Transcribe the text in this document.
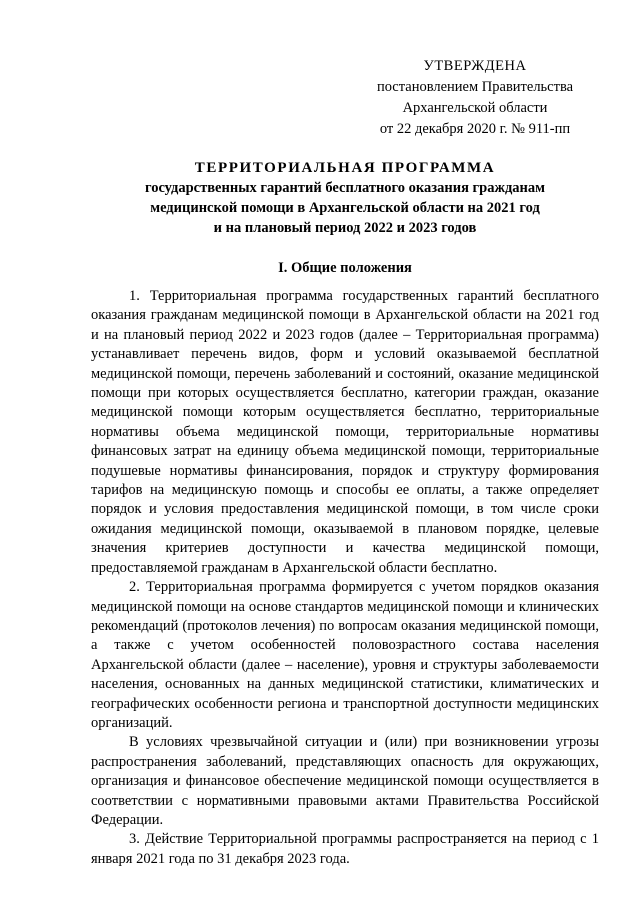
УТВЕРЖДЕНА
постановлением Правительства
Архангельской области
от 22 декабря 2020 г. № 911-пп
ТЕРРИТОРИАЛЬНАЯ ПРОГРАММА
государственных гарантий бесплатного оказания гражданам
медицинской помощи в Архангельской области на 2021 год
и на плановый период 2022 и 2023 годов
I. Общие положения

1. Территориальная программа государственных гарантий бесплатного оказания гражданам медицинской помощи в Архангельской области на 2021 год и на плановый период 2022 и 2023 годов (далее – Территориальная программа) устанавливает перечень видов, форм и условий оказываемой бесплатной медицинской помощи, перечень заболеваний и состояний, оказание медицинской помощи при которых осуществляется бесплатно, категории граждан, оказание медицинской помощи которым осуществляется бесплатно, территориальные нормативы объема медицинской помощи, территориальные нормативы финансовых затрат на единицу объема медицинской помощи, территориальные подушевые нормативы финансирования, порядок и структуру формирования тарифов на медицинскую помощь и способы ее оплаты, а также определяет порядок и условия предоставления медицинской помощи, в том числе сроки ожидания медицинской помощи, оказываемой в плановом порядке, целевые значения критериев доступности и качества медицинской помощи, предоставляемой гражданам в Архангельской области бесплатно.

2. Территориальная программа формируется с учетом порядков оказания медицинской помощи на основе стандартов медицинской помощи и клинических рекомендаций (протоколов лечения) по вопросам оказания медицинской помощи, а также с учетом особенностей половозрастного состава населения Архангельской области (далее – население), уровня и структуры заболеваемости населения, основанных на данных медицинской статистики, климатических и географических особенности региона и транспортной доступности медицинских организаций.

В условиях чрезвычайной ситуации и (или) при возникновении угрозы распространения заболеваний, представляющих опасность для окружающих, организация и финансовое обеспечение медицинской помощи осуществляется в соответствии с нормативными правовыми актами Правительства Российской Федерации.

3. Действие Территориальной программы распространяется на период с 1 января 2021 года по 31 декабря 2023 года.
